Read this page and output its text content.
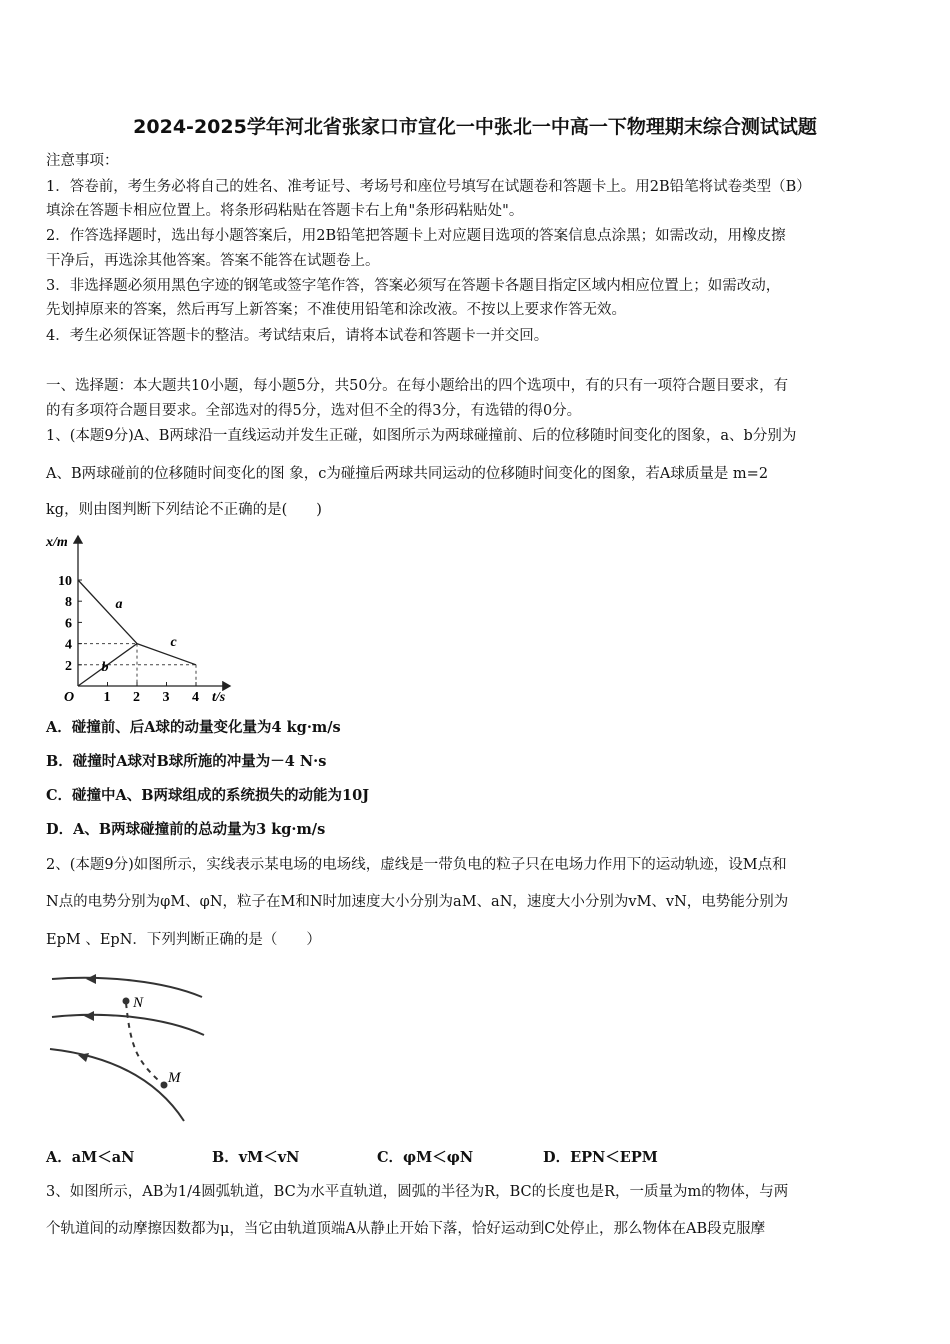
2024-2025学年河北省张家口市宣化一中张北一中高一下物理期末综合测试试题
注意事项：
1．答卷前，考生务必将自己的姓名、准考证号、考场号和座位号填写在试题卷和答题卡上。用2B铅笔将试卷类型（B）
填涂在答题卡相应位置上。将条形码粘贴在答题卡右上角"条形码粘贴处"。
2．作答选择题时，选出每小题答案后，用2B铅笔把答题卡上对应题目选项的答案信息点涂黑；如需改动，用橡皮擦
干净后，再选涂其他答案。答案不能答在试题卷上。
3．非选择题必须用黑色字迹的钢笔或签字笔作答，答案必须写在答题卡各题目指定区域内相应位置上；如需改动，
先划掉原来的答案，然后再写上新答案；不准使用铅笔和涂改液。不按以上要求作答无效。
4．考生必须保证答题卡的整洁。考试结束后，请将本试卷和答题卡一并交回。
一、选择题：本大题共10小题，每小题5分，共50分。在每小题给出的四个选项中，有的只有一项符合题目要求，有
的有多项符合题目要求。全部选对的得5分，选对但不全的得3分，有选错的得0分。
1、(本题9分)A、B两球沿一直线运动并发生正碰，如图所示为两球碰撞前、后的位移随时间变化的图象，a、b分别为
A、B两球碰前的位移随时间变化的图 象，c为碰撞后两球共同运动的位移随时间变化的图象，若A球质量是 m=2
kg，则由图判断下列结论不正确的是(　　)
1 2 3 4
2
4
6
8
10
a
b
c
x/m
t/s
O
A．碰撞前、后A球的动量变化量为4 kg·m/s
B．碰撞时A球对B球所施的冲量为－4 N·s
C．碰撞中A、B两球组成的系统损失的动能为10J
D．A、B两球碰撞前的总动量为3 kg·m/s
2、(本题9分)如图所示，实线表示某电场的电场线，虚线是一带负电的粒子只在电场力作用下的运动轨迹，设M点和
N点的电势分别为φM、φN，粒子在M和N时加速度大小分别为aM、aN，速度大小分别为vM、vN，电势能分别为
EpM 、EpN．下列判断正确的是（　　）
N
M
A．aM＜aN	B．vM＜vN	C．φM＜φN	D．EPN＜EPM
3、如图所示，AB为1/4圆弧轨道，BC为水平直轨道，圆弧的半径为R，BC的长度也是R，一质量为m的物体，与两
个轨道间的动摩擦因数都为μ，当它由轨道顶端A从静止开始下落，恰好运动到C处停止，那么物体在AB段克服摩
